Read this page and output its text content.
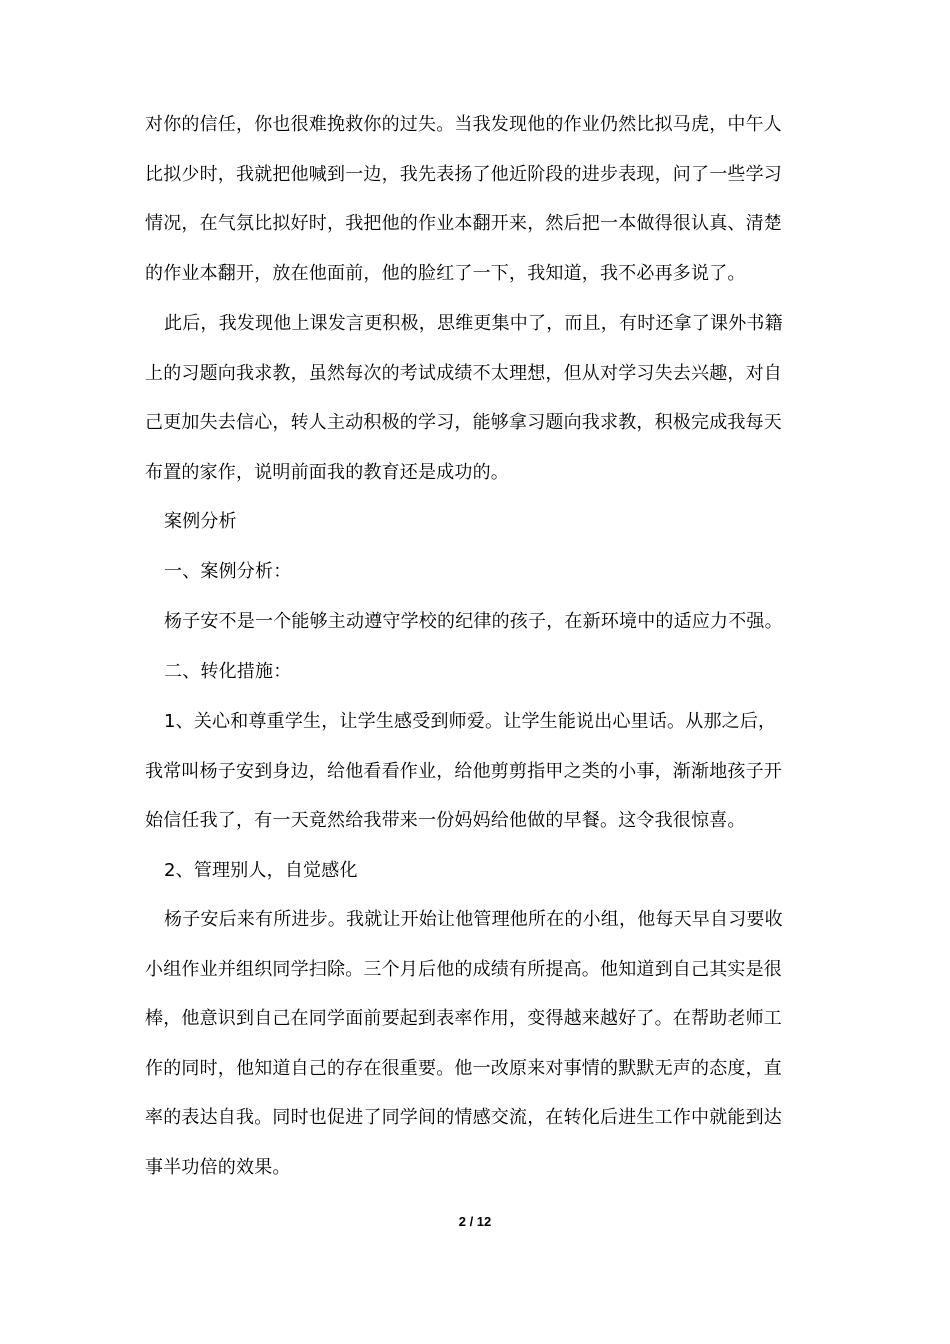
对你的信任，你也很难挽救你的过失。当我发现他的作业仍然比拟马虎，中午人
比拟少时，我就把他喊到一边，我先表扬了他近阶段的进步表现，问了一些学习
情况，在气氛比拟好时，我把他的作业本翻开来，然后把一本做得很认真、清楚
的作业本翻开，放在他面前，他的脸红了一下，我知道，我不必再多说了。
此后，我发现他上课发言更积极，思维更集中了，而且，有时还拿了课外书籍
上的习题向我求教，虽然每次的考试成绩不太理想，但从对学习失去兴趣，对自
己更加失去信心，转人主动积极的学习，能够拿习题向我求教，积极完成我每天
布置的家作，说明前面我的教育还是成功的。
案例分析
一、案例分析：
杨子安不是一个能够主动遵守学校的纪律的孩子，在新环境中的适应力不强。
二、转化措施：
1、关心和尊重学生，让学生感受到师爱。让学生能说出心里话。从那之后，
我常叫杨子安到身边，给他看看作业，给他剪剪指甲之类的小事，渐渐地孩子开
始信任我了，有一天竟然给我带来一份妈妈给他做的早餐。这令我很惊喜。
2、管理别人，自觉感化
杨子安后来有所进步。我就让开始让他管理他所在的小组，他每天早自习要收
小组作业并组织同学扫除。三个月后他的成绩有所提高。他知道到自己其实是很
棒，他意识到自己在同学面前要起到表率作用，变得越来越好了。在帮助老师工
作的同时，他知道自己的存在很重要。他一改原来对事情的默默无声的态度，直
率的表达自我。同时也促进了同学间的情感交流，在转化后进生工作中就能到达
事半功倍的效果。
2 / 12
